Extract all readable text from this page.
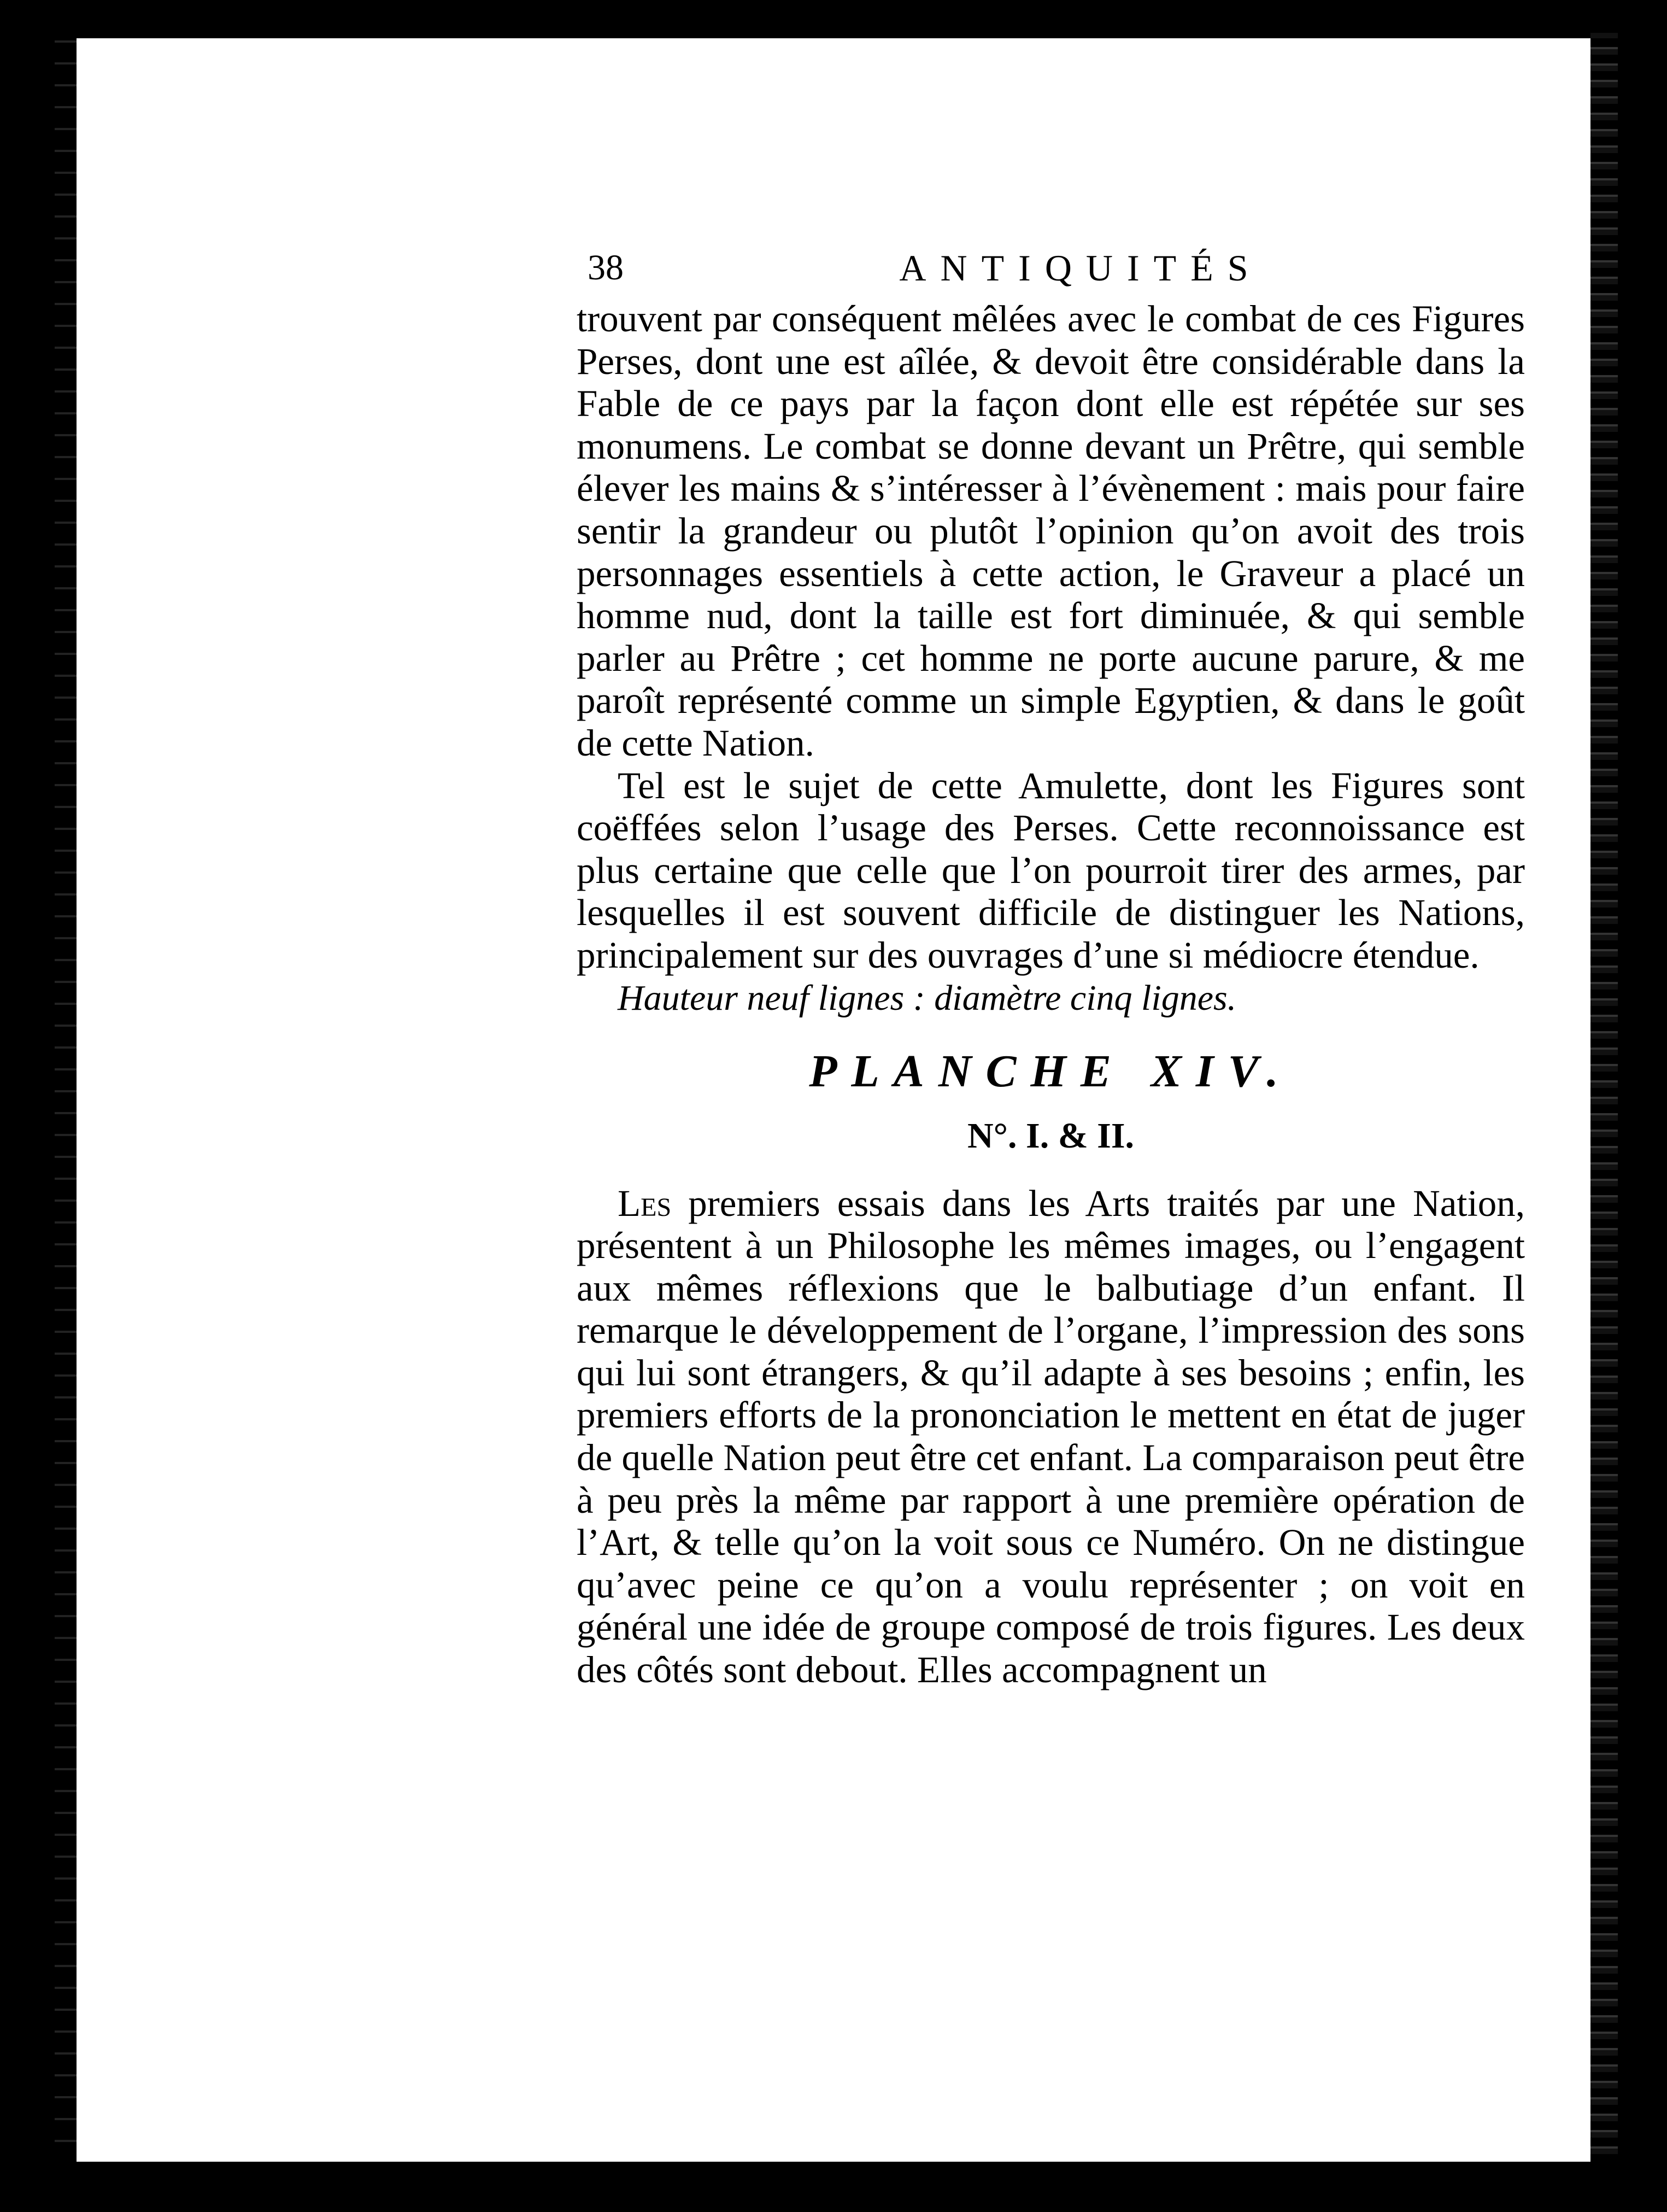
38	ANTIQUITÉS

trouvent par conséquent mêlées avec le combat de ces Figures Perses, dont une est aîlée, & devoit être considérable dans la Fable de ce pays par la façon dont elle est répétée sur ses monumens. Le combat se donne devant un Prêtre, qui semble élever les mains & s’intéresser à l’évènement : mais pour faire sentir la grandeur ou plutôt l’opinion qu’on avoit des trois personnages essentiels à cette action, le Graveur a placé un homme nud, dont la taille est fort diminuée, & qui semble parler au Prêtre ; cet homme ne porte aucune parure, & me paroît représenté comme un simple Egyptien, & dans le goût de cette Nation.

Tel est le sujet de cette Amulette, dont les Figures sont coëffées selon l’usage des Perses. Cette reconnoissance est plus certaine que celle que l’on pourroit tirer des armes, par lesquelles il est souvent difficile de distinguer les Nations, principalement sur des ouvrages d’une si médiocre étendue.

Hauteur neuf lignes : diamètre cinq lignes.

PLANCHE XIV.
N°. I. & II.

Les premiers essais dans les Arts traités par une Nation, présentent à un Philosophe les mêmes images, ou l’engagent aux mêmes réflexions que le balbutiage d’un enfant. Il remarque le développement de l’organe, l’impression des sons qui lui sont étrangers, & qu’il adapte à ses besoins ; enfin, les premiers efforts de la prononciation le mettent en état de juger de quelle Nation peut être cet enfant. La comparaison peut être à peu près la même par rapport à une première opération de l’Art, & telle qu’on la voit sous ce Numéro. On ne distingue qu’avec peine ce qu’on a voulu représenter ; on voit en général une idée de groupe composé de trois figures. Les deux des côtés sont debout. Elles accompagnent un
